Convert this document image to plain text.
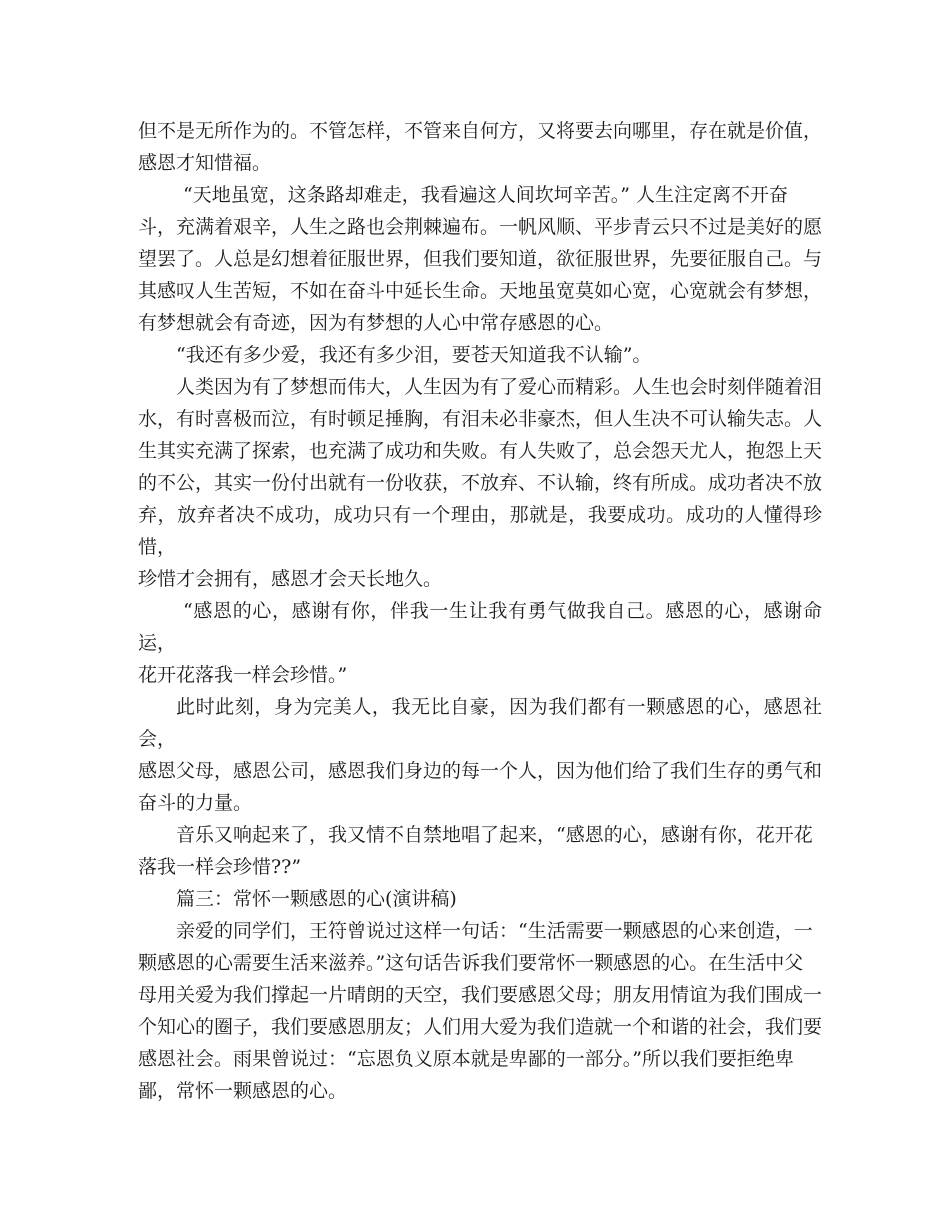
但不是无所作为的。不管怎样，不管来自何方，又将要去向哪里，存在就是价值，
感恩才知惜福。

“天地虽宽，这条路却难走，我看遍这人间坎坷辛苦。” 人生注定离不开奋
斗，充满着艰辛，人生之路也会荆棘遍布。一帆风顺、平步青云只不过是美好的愿
望罢了。人总是幻想着征服世界，但我们要知道，欲征服世界，先要征服自己。与
其感叹人生苦短，不如在奋斗中延长生命。天地虽宽莫如心宽，心宽就会有梦想，
有梦想就会有奇迹，因为有梦想的人心中常存感恩的心。

“我还有多少爱，我还有多少泪，要苍天知道我不认输”。

人类因为有了梦想而伟大，人生因为有了爱心而精彩。人生也会时刻伴随着泪
水，有时喜极而泣，有时顿足捶胸，有泪未必非豪杰，但人生决不可认输失志。人
生其实充满了探索，也充满了成功和失败。有人失败了，总会怨天尤人，抱怨上天
的不公，其实一份付出就有一份收获，不放弃、不认输，终有所成。成功者决不放
弃，放弃者决不成功，成功只有一个理由，那就是，我要成功。成功的人懂得珍惜，
珍惜才会拥有，感恩才会天长地久。

“感恩的心，感谢有你，伴我一生让我有勇气做我自己。感恩的心，感谢命运，
花开花落我一样会珍惜。”

此时此刻，身为完美人，我无比自豪，因为我们都有一颗感恩的心，感恩社会，
感恩父母，感恩公司，感恩我们身边的每一个人，因为他们给了我们生存的勇气和
奋斗的力量。

音乐又响起来了，我又情不自禁地唱了起来，“感恩的心，感谢有你，花开花
落我一样会珍惜??”

篇三：常怀一颗感恩的心(演讲稿)

亲爱的同学们，王符曾说过这样一句话：“生活需要一颗感恩的心来创造，一
颗感恩的心需要生活来滋养。”这句话告诉我们要常怀一颗感恩的心。在生活中父
母用关爱为我们撑起一片晴朗的天空，我们要感恩父母；朋友用情谊为我们围成一
个知心的圈子，我们要感恩朋友；人们用大爱为我们造就一个和谐的社会，我们要
感恩社会。雨果曾说过：“忘恩负义原本就是卑鄙的一部分。”所以我们要拒绝卑
鄙，常怀一颗感恩的心。
